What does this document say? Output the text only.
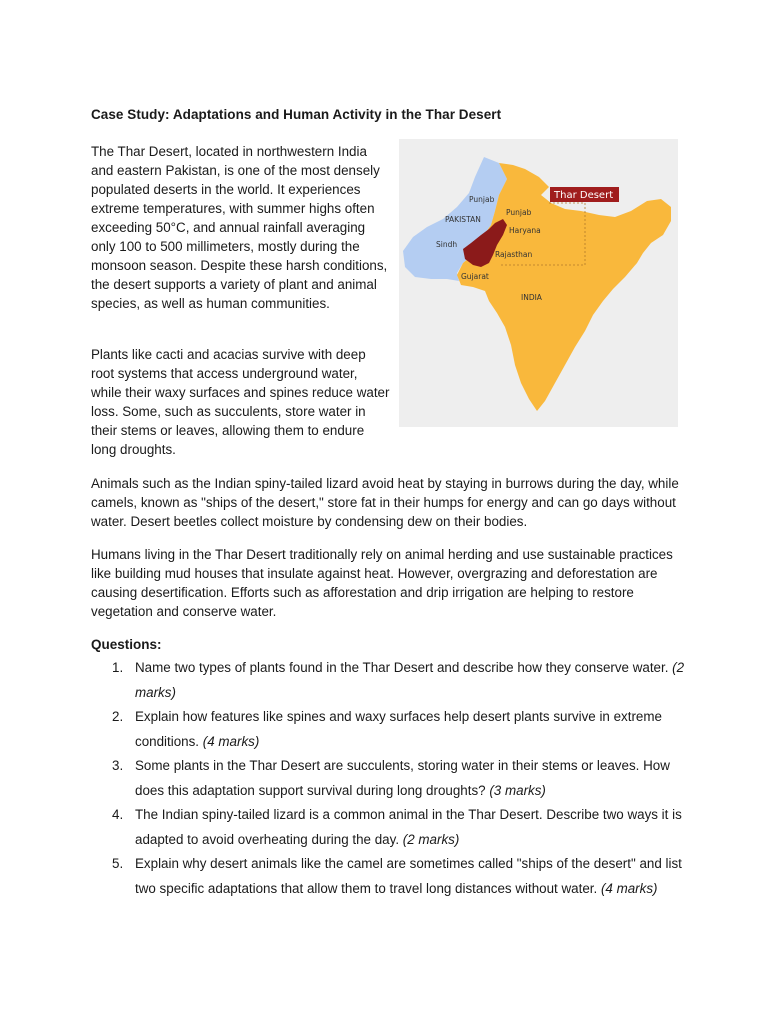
Case Study: Adaptations and Human Activity in the Thar Desert

The Thar Desert, located in northwestern India and eastern Pakistan, is one of the most densely populated deserts in the world. It experiences extreme temperatures, with summer highs often exceeding 50°C, and annual rainfall averaging only 100 to 500 millimeters, mostly during the monsoon season. Despite these harsh conditions, the desert supports a variety of plant and animal species, as well as human communities.

Thar Desert
Punjab
PAKISTAN
Sindh
Punjab
Haryana
Rajasthan
Gujarat
INDIA

Plants like cacti and acacias survive with deep root systems that access underground water, while their waxy surfaces and spines reduce water loss. Some, such as succulents, store water in their stems or leaves, allowing them to endure long droughts.

Animals such as the Indian spiny-tailed lizard avoid heat by staying in burrows during the day, while camels, known as "ships of the desert," store fat in their humps for energy and can go days without water. Desert beetles collect moisture by condensing dew on their bodies.

Humans living in the Thar Desert traditionally rely on animal herding and use sustainable practices like building mud houses that insulate against heat. However, overgrazing and deforestation are causing desertification. Efforts such as afforestation and drip irrigation are helping to restore vegetation and conserve water.

Questions:
1. Name two types of plants found in the Thar Desert and describe how they conserve water. (2 marks)
2. Explain how features like spines and waxy surfaces help desert plants survive in extreme conditions. (4 marks)
3. Some plants in the Thar Desert are succulents, storing water in their stems or leaves. How does this adaptation support survival during long droughts? (3 marks)
4. The Indian spiny-tailed lizard is a common animal in the Thar Desert. Describe two ways it is adapted to avoid overheating during the day. (2 marks)
5. Explain why desert animals like the camel are sometimes called "ships of the desert" and list two specific adaptations that allow them to travel long distances without water. (4 marks)
